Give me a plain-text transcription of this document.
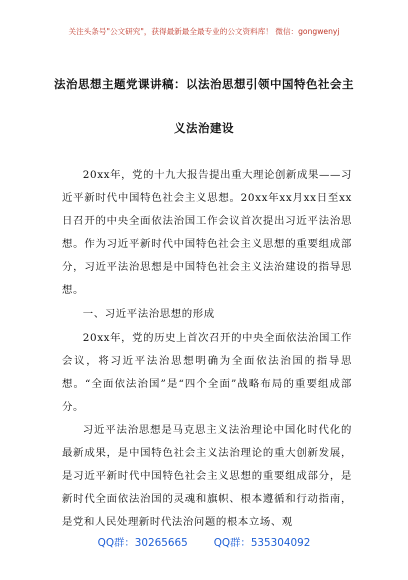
关注头条号"公文研究"，获得最新最全最专业的公文资料库！ 微信：gongwenyj
法治思想主题党课讲稿：以法治思想引领中国特色社会主
义法治建设

20xx年，党的十九大报告提出重大理论创新成果——习近平新时代中国特色社会主义思想。20xx年xx月xx日至xx日召开的中央全面依法治国工作会议首次提出习近平法治思想。作为习近平新时代中国特色社会主义思想的重要组成部分，习近平法治思想是中国特色社会主义法治建设的指导思想。

一、习近平法治思想的形成

20xx年，党的历史上首次召开的中央全面依法治国工作会议，将习近平法治思想明确为全面依法治国的指导思想。“全面依法治国”是“四个全面”战略布局的重要组成部分。

习近平法治思想是马克思主义法治理论中国化时代化的最新成果，是中国特色社会主义法治理论的重大创新发展，是习近平新时代中国特色社会主义思想的重要组成部分，是新时代全面依法治国的灵魂和旗帜、根本遵循和行动指南，是党和人民处理新时代法治问题的根本立场、观

QQ群：30265665	QQ群：535304092
